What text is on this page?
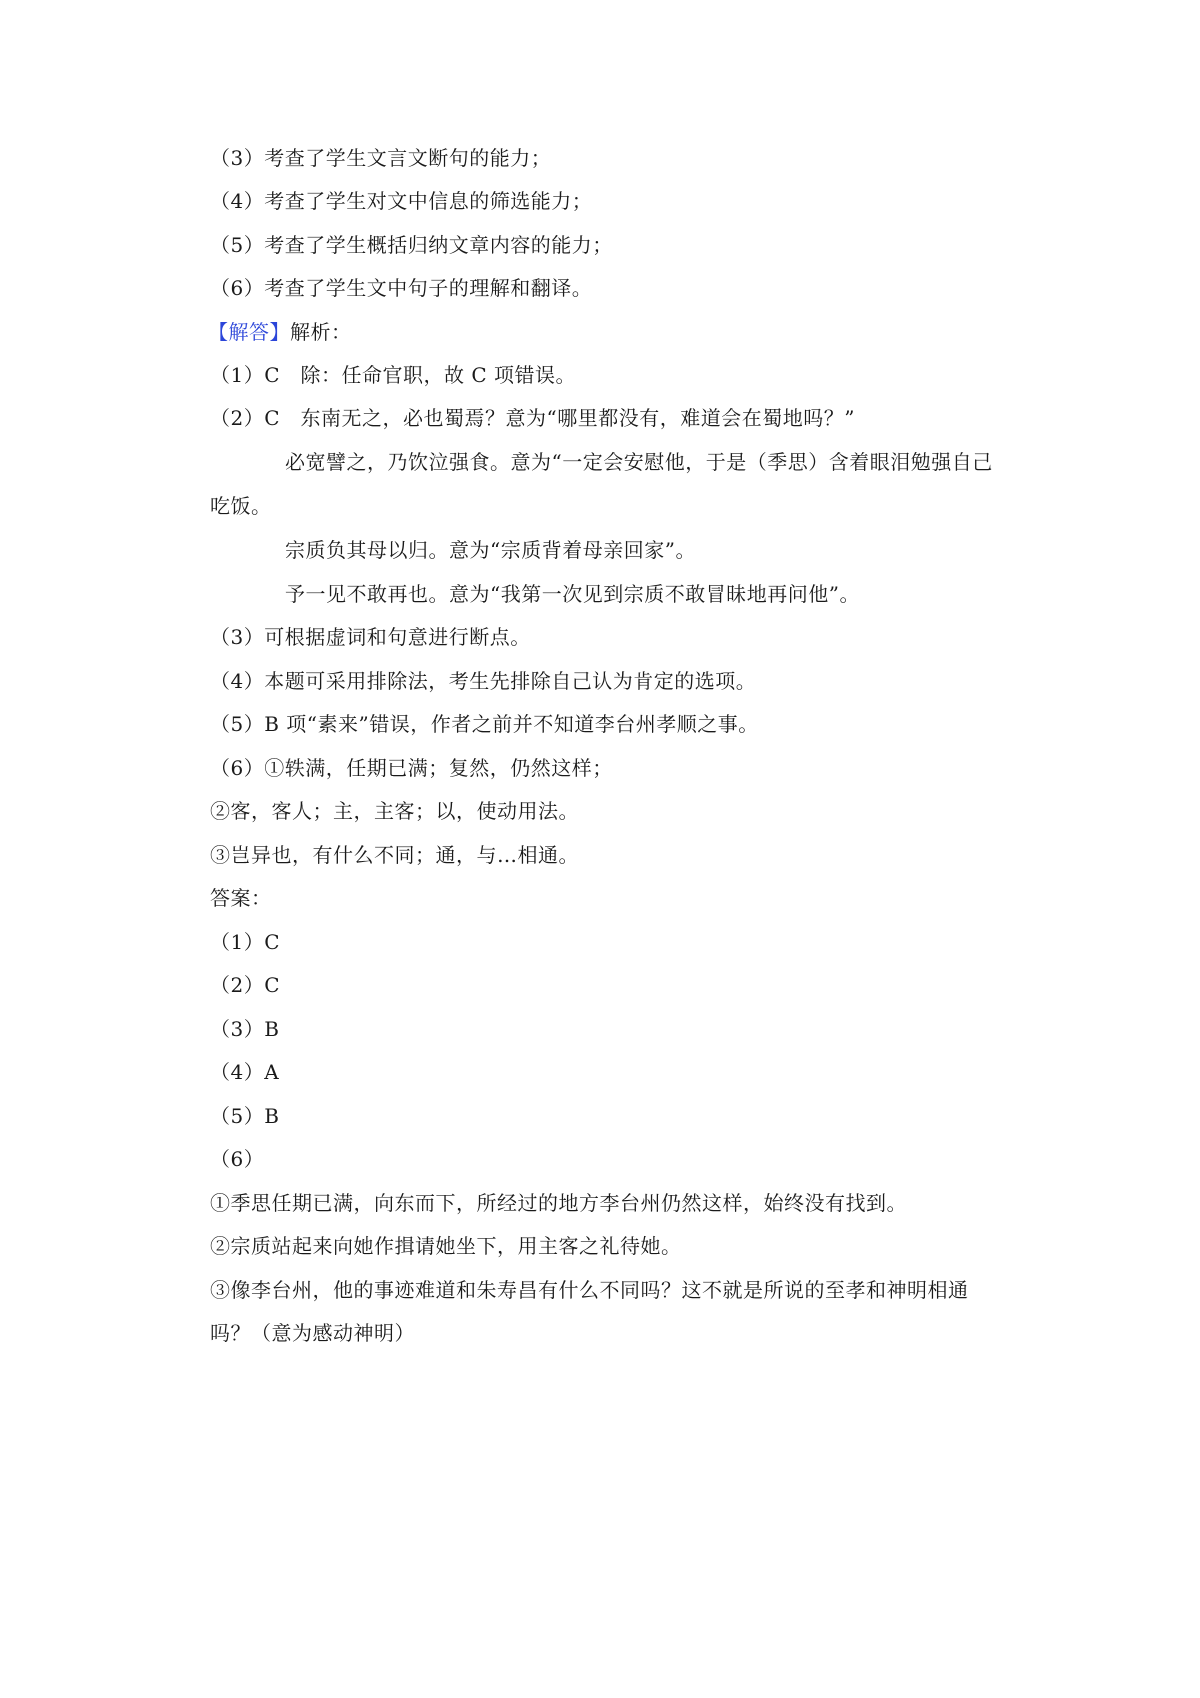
（3）考查了学生文言文断句的能力；
（4）考查了学生对文中信息的筛选能力；
（5）考查了学生概括归纳文章内容的能力；
（6）考查了学生文中句子的理解和翻译。
【解答】解析：
（1）C　除：任命官职，故 C 项错误。
（2）C　东南无之，必也蜀焉？意为“哪里都没有，难道会在蜀地吗？”
必宽譬之，乃饮泣强食。意为“一定会安慰他，于是（季思）含着眼泪勉强自己
吃饭。
宗质负其母以归。意为“宗质背着母亲回家”。
予一见不敢再也。意为“我第一次见到宗质不敢冒昧地再问他”。
（3）可根据虚词和句意进行断点。
（4）本题可采用排除法，考生先排除自己认为肯定的选项。
（5）B 项“素来”错误，作者之前并不知道李台州孝顺之事。
（6）①轶满，任期已满；复然，仍然这样；
②客，客人；主，主客；以，使动用法。
③岂异也，有什么不同；通，与…相通。
答案：
（1）C
（2）C
（3）B
（4）A
（5）B
（6）
①季思任期已满，向东而下，所经过的地方李台州仍然这样，始终没有找到。
②宗质站起来向她作揖请她坐下，用主客之礼待她。
③像李台州，他的事迹难道和朱寿昌有什么不同吗？这不就是所说的至孝和神明相通
吗？（意为感动神明）
